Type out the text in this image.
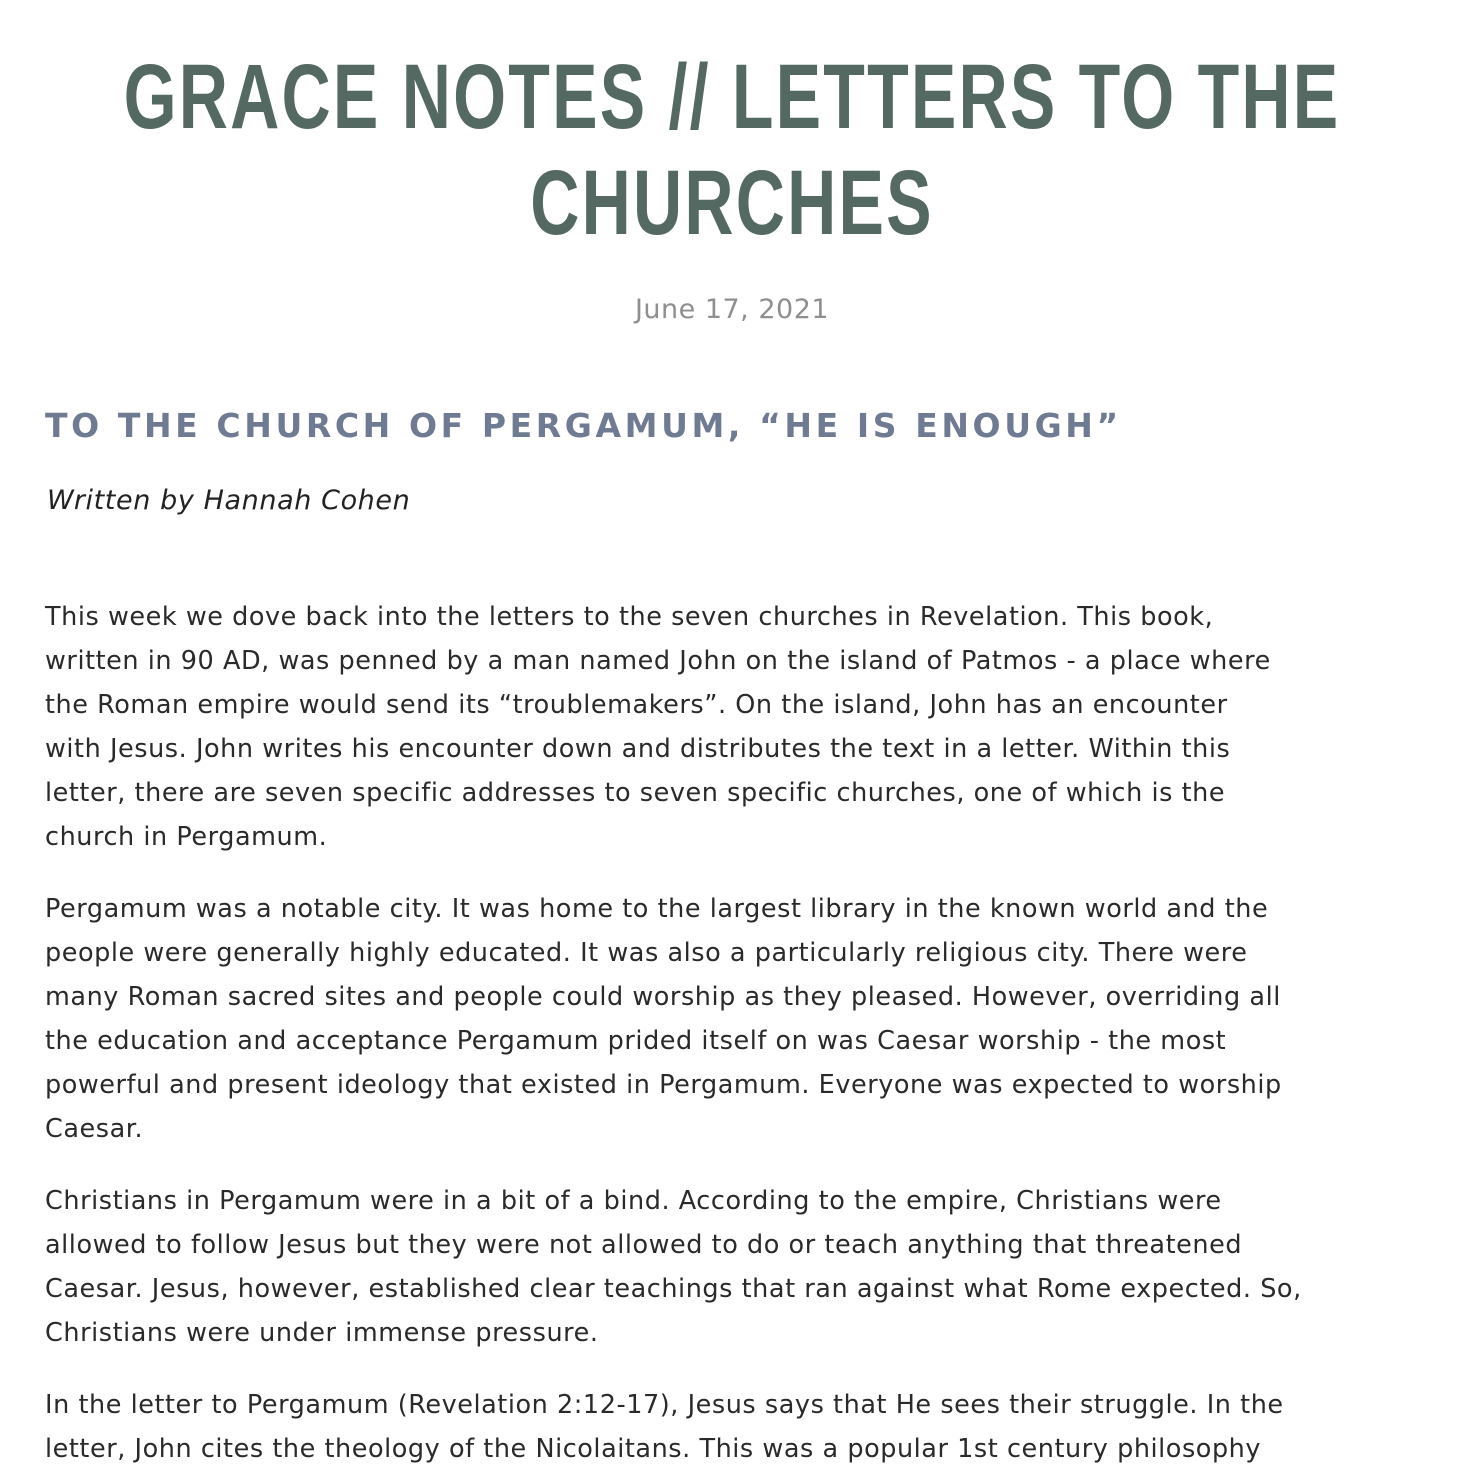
GRACE NOTES // LETTERS TO THE
CHURCHES
June 17, 2021
TO THE CHURCH OF PERGAMUM, “HE IS ENOUGH”
Written by Hannah Cohen

This week we dove back into the letters to the seven churches in Revelation. This book,
written in 90 AD, was penned by a man named John on the island of Patmos - a place where
the Roman empire would send its “troublemakers”. On the island, John has an encounter
with Jesus. John writes his encounter down and distributes the text in a letter. Within this
letter, there are seven specific addresses to seven specific churches, one of which is the
church in Pergamum.

Pergamum was a notable city. It was home to the largest library in the known world and the
people were generally highly educated. It was also a particularly religious city. There were
many Roman sacred sites and people could worship as they pleased. However, overriding all
the education and acceptance Pergamum prided itself on was Caesar worship - the most
powerful and present ideology that existed in Pergamum. Everyone was expected to worship
Caesar.

Christians in Pergamum were in a bit of a bind. According to the empire, Christians were
allowed to follow Jesus but they were not allowed to do or teach anything that threatened
Caesar. Jesus, however, established clear teachings that ran against what Rome expected. So,
Christians were under immense pressure.

In the letter to Pergamum (Revelation 2:12-17), Jesus says that He sees their struggle. In the
letter, John cites the theology of the Nicolaitans. This was a popular 1st century philosophy
